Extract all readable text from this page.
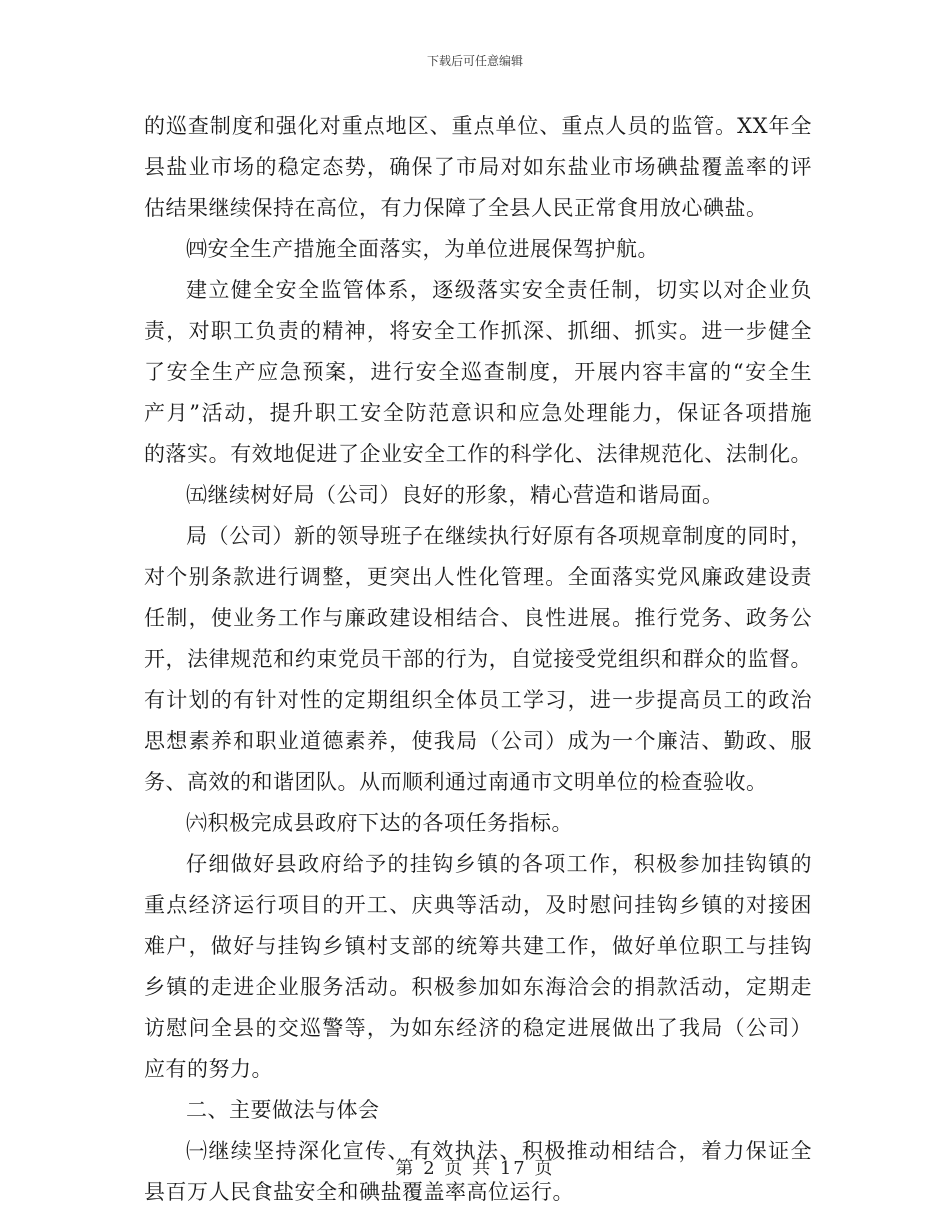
下载后可任意编辑
的巡查制度和强化对重点地区、重点单位、重点人员的监管。XX年全
县盐业市场的稳定态势，确保了市局对如东盐业市场碘盐覆盖率的评
估结果继续保持在高位，有力保障了全县人民正常食用放心碘盐。
㈣安全生产措施全面落实，为单位进展保驾护航。
建立健全安全监管体系，逐级落实安全责任制，切实以对企业负
责，对职工负责的精神，将安全工作抓深、抓细、抓实。进一步健全
了安全生产应急预案，进行安全巡查制度，开展内容丰富的“安全生
产月”活动，提升职工安全防范意识和应急处理能力，保证各项措施
的落实。有效地促进了企业安全工作的科学化、法律规范化、法制化。
㈤继续树好局（公司）良好的形象，精心营造和谐局面。
局（公司）新的领导班子在继续执行好原有各项规章制度的同时，
对个别条款进行调整，更突出人性化管理。全面落实党风廉政建设责
任制，使业务工作与廉政建设相结合、良性进展。推行党务、政务公
开，法律规范和约束党员干部的行为，自觉接受党组织和群众的监督。
有计划的有针对性的定期组织全体员工学习，进一步提高员工的政治
思想素养和职业道德素养，使我局（公司）成为一个廉洁、勤政、服
务、高效的和谐团队。从而顺利通过南通市文明单位的检查验收。
㈥积极完成县政府下达的各项任务指标。
仔细做好县政府给予的挂钩乡镇的各项工作，积极参加挂钩镇的
重点经济运行项目的开工、庆典等活动，及时慰问挂钩乡镇的对接困
难户，做好与挂钩乡镇村支部的统筹共建工作，做好单位职工与挂钩
乡镇的走进企业服务活动。积极参加如东海洽会的捐款活动，定期走
访慰问全县的交巡警等，为如东经济的稳定进展做出了我局（公司）
应有的努力。
二、主要做法与体会
㈠继续坚持深化宣传、有效执法、积极推动相结合，着力保证全
县百万人民食盐安全和碘盐覆盖率高位运行。
第 2 页 共 17 页
